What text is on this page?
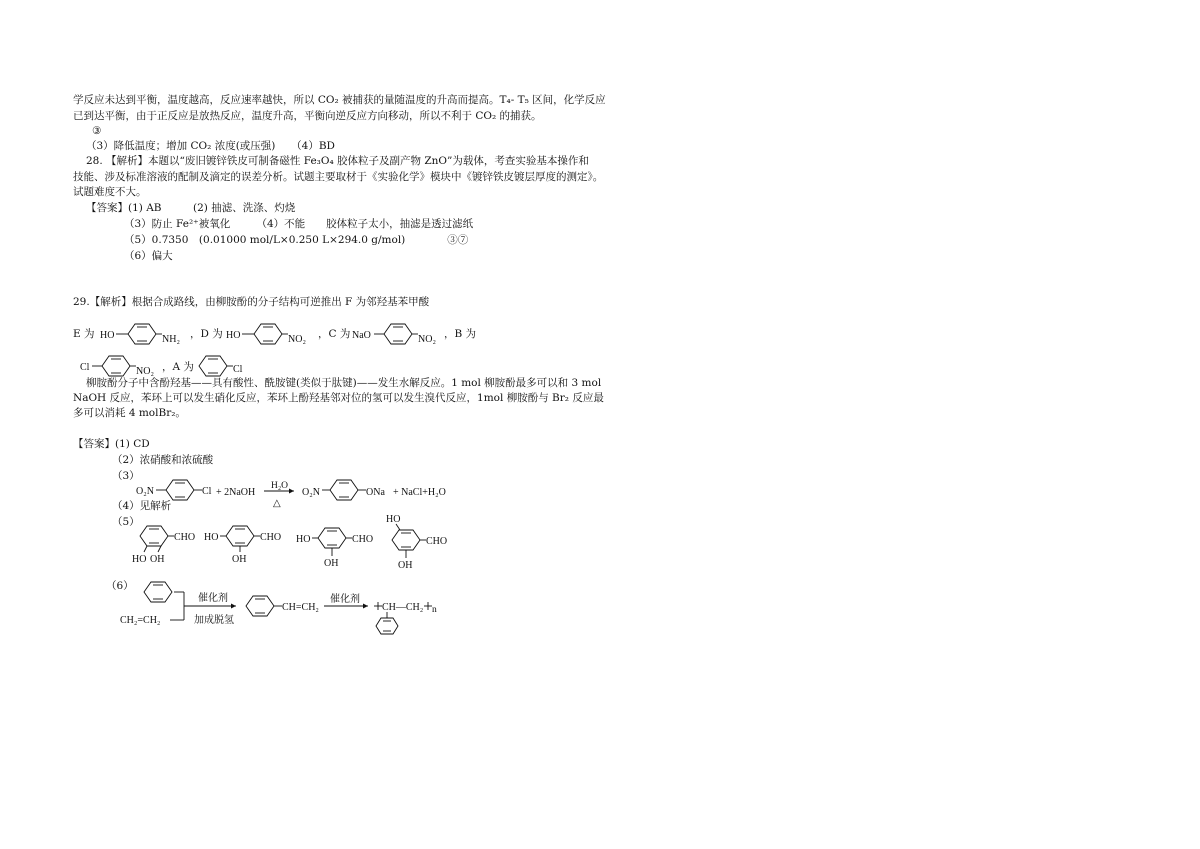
学反应未达到平衡，温度越高，反应速率越快，所以 CO₂ 被捕获的量随温度的升高而提高。T₄- T₅ 区间，化学反应
已到达平衡，由于正反应是放热反应，温度升高，平衡向逆反应方向移动，所以不利于 CO₂ 的捕获。
③
（3）降低温度；增加 CO₂ 浓度(或压强)　　（4）BD
28. 【解析】本题以“废旧镀锌铁皮可制备磁性 Fe₃O₄ 胶体粒子及副产物 ZnO”为载体，考查实验基本操作和
技能、涉及标准溶液的配制及滴定的误差分析。试题主要取材于《实验化学》模块中《镀锌铁皮镀层厚度的测定》。
试题难度不大。
【答案】(1) AB　　　(2) 抽滤、洗涤、灼烧
（3）防止 Fe²⁺被氧化　　　（4）不能　　胶体粒子太小，抽滤是透过滤纸
（5）0.7350　(0.01000 mol/L×0.250 L×294.0 g/mol)　　　　③⑦
（6）偏大
29.【解析】根据合成路线，由柳胺酚的分子结构可逆推出 F 为邻羟基苯甲酸
E 为 HO	NH₂ ，D 为 HO	NO₂ ，C 为 NaO	NO₂ ，B 为
Cl	NO₂ ，A 为	Cl
柳胺酚分子中含酚羟基——具有酸性、酰胺键(类似于肽键)——发生水解反应。1 mol 柳胺酚最多可以和 3 mol
NaOH 反应，苯环上可以发生硝化反应，苯环上酚羟基邻对位的氢可以发生溴代反应，1mol 柳胺酚与 Br₂ 反应最
多可以消耗 4 molBr₂。
【答案】(1) CD
（2）浓硝酸和浓硫酸
（3）
O₂N	Cl + 2NaOH
H₂O
△
O₂N	ONa + NaCl+H₂O
（4）见解析
（5）
CHO
HO OH
HO	CHO
OH
HO	CHO
OH
HO
CHO
OH
（6）
CH₂=CH₂
催化剂
加成脱氢
CH=CH₂
催化剂
CH—CH₂ n
